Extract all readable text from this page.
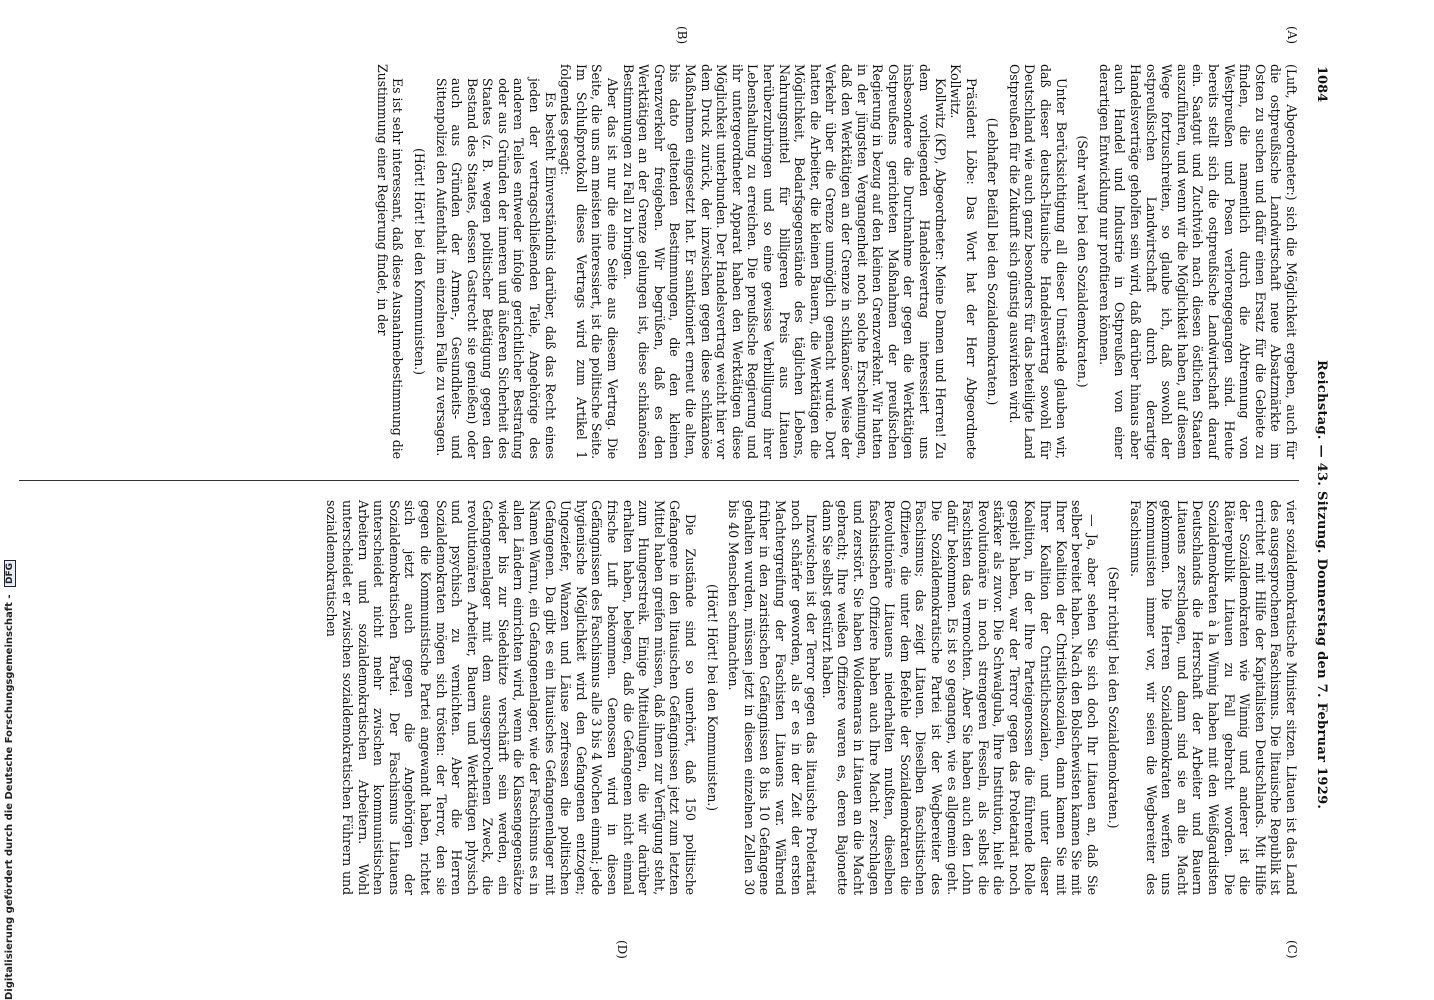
1084
Reichstag. — 43. Sitzung. Donnerstag den 7. Februar 1929.
(A)
(B)
(C)
(D)

(Luft, Abgeordneter:) sich die Möglichkeit ergeben, auch für die ostpreußische Landwirtschaft neue Absatzmärkte im Osten zu suchen und dafür einen Ersatz für die Gebiete zu finden, die namentlich durch die Abtrennung von Westpreußen und Posen verlorengegangen sind. Heute bereits stellt sich die ostpreußische Landwirtschaft darauf ein. Saatgut und Zuchtvieh nach diesen östlichen Staaten auszuführen, und wenn wir die Möglichkeit haben, auf diesem Wege fortzuschreiten, so glaube ich, daß sowohl der ostpreußischen Landwirtschaft durch derartige Handelsverträge geholfen sein wird, daß darüber hinaus aber auch Handel und Industrie in Ostpreußen von einer derartigen Entwicklung nur profitieren können.

(Sehr wahr! bei den Sozialdemokraten.)

Unter Berücksichtigung all dieser Umstände glauben wir, daß dieser deutsch-litauische Handelsvertrag sowohl für Deutschland wie auch ganz besonders für das beteiligte Land Ostpreußen für die Zukunft sich günstig auswirken wird.

(Lebhafter Beifall bei den Sozialdemokraten.)

Präsident Löbe: Das Wort hat der Herr Abgeordnete Kollwitz.

Kollwitz (KP), Abgeordneter: Meine Damen und Herren! Zu dem vorliegenden Handelsvertrag interessiert uns insbesondere die Durchnahme der gegen die Werktätigen Ostpreußens gerichteten Maßnahmen der preußischen Regierung in bezug auf den kleinen Grenzverkehr. Wir hatten in der jüngsten Vergangenheit noch solche Erscheinungen, daß den Werktätigen an der Grenze in schikanöser Weise der Verkehr über die Grenze unmöglich gemacht wurde. Dort hatten die Arbeiter, die kleinen Bauern, die Werktätigen die Möglichkeit, Bedarfsgegenstände des täglichen Lebens, Nahrungsmittel für billigeren Preis aus Litauen herüberzubringen und so eine gewisse Verbilligung ihrer Lebenshaltung zu erreichen. Die preußische Regierung und ihr untergeordneter Apparat haben den Werktätigen diese Möglichkeit unterbunden. Der Handelsvertrag weicht hier vor dem Druck zurück, der inzwischen gegen diese schikanöse Maßnahmen eingesetzt hat. Er sanktioniert erneut die alten, bis dato geltenden Bestimmungen, die den kleinen Grenzverkehr freigeben. Wir begrüßen, daß es den Werktätigen an der Grenze gelungen ist, diese schikanösen Bestimmungen zu Fall zu bringen.

Aber das ist nur die eine Seite aus diesem Vertrag. Die Seite, die uns am meisten interessiert, ist die politische Seite. Im Schlußprotokoll dieses Vertrags wird zum Artikel 1 folgendes gesagt:

Es besteht Einverständnis darüber, daß das Recht eines jeden der vertragschließenden Teile, Angehörige des anderen Teiles entweder infolge gerichtlicher Bestrafung oder aus Gründen der inneren und äußeren Sicherheit des Staates (z. B. wegen politischer Betätigung gegen den Bestand des Staates, dessen Gastrecht sie genießen) oder auch aus Gründen der Armen-, Gesundheits- und Sittenpolizei den Aufenthalt im einzelnen Falle zu versagen.

(Hört! Hört! bei den Kommunisten.)

Es ist sehr interessant, daß diese Ausnahmebestimmung die Zustimmung einer Regierung findet, in der

vier sozialdemokratische Minister sitzen. Litauen ist das Land des ausgesprochenen Faschismus. Die litauische Republik ist errichtet mit Hilfe der Kapitalisten Deutschlands. Mit Hilfe der Sozialdemokraten wie Winnig und anderer ist die Räterepublik Litauen zu Fall gebracht worden. Die Sozialdemokraten à la Winnig haben mit den Weißgardisten Deutschlands die Herrschaft der Arbeiter und Bauern Litauens zerschlagen, und dann sind sie an die Macht gekommen. Die Herren Sozialdemokraten werfen uns Kommunisten immer vor, wir seien die Wegbereiter des Faschismus.

(Sehr richtig! bei den Sozialdemokraten.)

— Ja, aber sehen Sie sich doch Ihr Litauen an, daß Sie selber bereitet haben. Nach den Bolschewisten kamen Sie mit Ihrer Koalition der Christlichsozialen, dann kamen Sie mit Ihrer Koalition der Christlichsozialen, und unter dieser Koalition, in der Ihre Parteigenossen die führende Rolle gespielt haben, war der Terror gegen das Proletariat noch stärker als zuvor. Die Schwalguba, Ihre Institution, hielt die Revolutionäre in noch strengeren Fesseln, als selbst die Faschisten das vermochten. Aber Sie haben auch den Lohn dafür bekommen. Es ist so gegangen, wie es allgemein geht. Die Sozialdemokratische Partei ist der Wegbereiter des Faschismus; das zeigt Litauen. Dieselben faschistischen Offiziere, die unter dem Befehle der Sozialdemokraten die Revolutionäre Litauens niederhalten mußten, dieselben faschistischen Offiziere haben auch Ihre Macht zerschlagen und zerstört. Sie haben Woldemaras in Litauen an die Macht gebracht; Ihre weißen Offiziere waren es, deren Bajonette dann Sie selbst gestürzt haben.

Inzwischen ist der Terror gegen das litauische Proletariat noch schärfer geworden, als er es in der Zeit der ersten Machtergreifung der Faschisten Litauens war. Während früher in den zaristischen Gefängnissen 8 bis 10 Gefangene gehalten wurden, müssen jetzt in diesen einzelnen Zellen 30 bis 40 Menschen schmachten.

(Hört! Hört! bei den Kommunisten.)

Die Zustände sind so unerhört, daß 150 politische Gefangene in den litauischen Gefängnissen jetzt zum letzten Mittel haben greifen müssen, daß ihnen zur Verfügung steht, zum Hungerstreik. Einige Mitteilungen, die wir darüber erhalten haben, belegen, daß die Gefangenen nicht einmal frische Luft bekommen. Genossen wird in diesen Gefängnissen des Faschismus alle 3 bis 4 Wochen einmal; jede hygienische Möglichkeit wird den Gefangenen entzogen; Ungeziefer, Wanzen und Läuse zerfressen die politischen Gefangenen. Da gibt es ein litauisches Gefangenenlager mit Namen Warnu, ein Gefangenenlager, wie der Faschismus es in allen Ländern einrichten wird, wenn die Klassengegensätze wieder bis zur Siedehitze verschärft sein werden, ein Gefangenenlager mit dem ausgesprochenen Zweck, die revolutionären Arbeiter, Bauern und Werktätigen physisch und psychisch zu vernichten. Aber die Herren Sozialdemokraten mögen sich trösten: der Terror, den sie gegen die Kommunistische Partei angewandt haben, richtet sich jetzt auch gegen die Angehörigen der Sozialdemokratischen Partei. Der Faschismus Litauens unterscheidet nicht mehr zwischen kommunistischen Arbeitern und sozialdemokratischen Arbeitern. Wohl unterscheidet er zwischen sozialdemokratischen Führern und sozialdemokratischen

Digitalisierung gefördert durch die Deutsche Forschungsgemeinschaft - DFG
